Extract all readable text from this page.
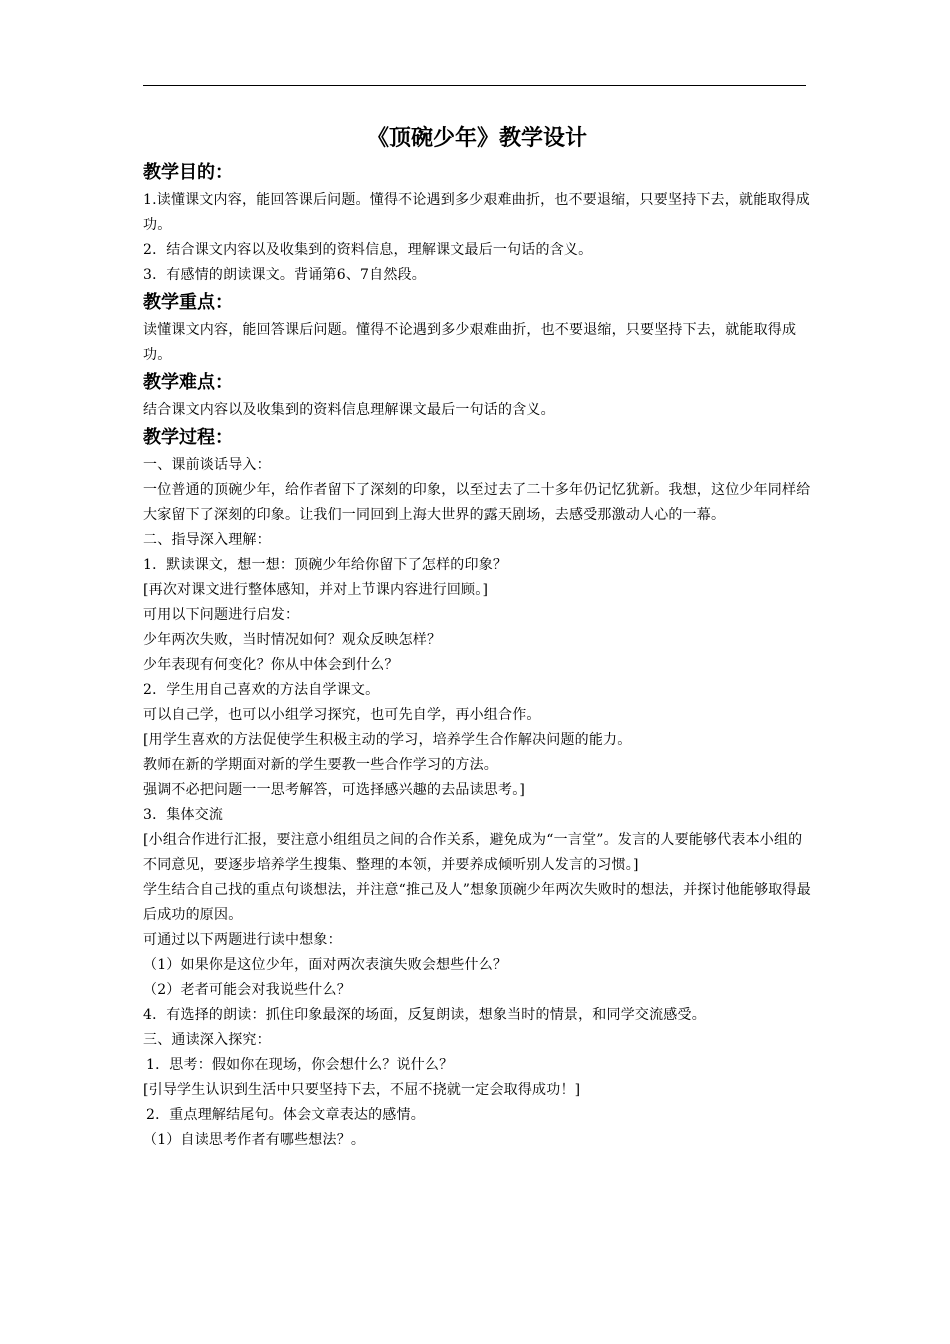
《顶碗少年》教学设计
教学目的：

1.读懂课文内容，能回答课后问题。懂得不论遇到多少艰难曲折，也不要退缩，只要坚持下去，就能取得成功。

2．结合课文内容以及收集到的资料信息，理解课文最后一句话的含义。

3．有感情的朗读课文。背诵第6、7自然段。

教学重点：

读懂课文内容，能回答课后问题。懂得不论遇到多少艰难曲折，也不要退缩，只要坚持下去，就能取得成功。

教学难点：

结合课文内容以及收集到的资料信息理解课文最后一句话的含义。

教学过程：

一、课前谈话导入：

一位普通的顶碗少年，给作者留下了深刻的印象，以至过去了二十多年仍记忆犹新。我想，这位少年同样给大家留下了深刻的印象。让我们一同回到上海大世界的露天剧场，去感受那激动人心的一幕。

二、指导深入理解：

1．默读课文，想一想：顶碗少年给你留下了怎样的印象？

[再次对课文进行整体感知，并对上节课内容进行回顾。]

可用以下问题进行启发：

少年两次失败，当时情况如何？观众反映怎样？

少年表现有何变化？你从中体会到什么？

2．学生用自己喜欢的方法自学课文。

可以自己学，也可以小组学习探究，也可先自学，再小组合作。

[用学生喜欢的方法促使学生积极主动的学习，培养学生合作解决问题的能力。

教师在新的学期面对新的学生要教一些合作学习的方法。

强调不必把问题一一思考解答，可选择感兴趣的去品读思考。]

3．集体交流

[小组合作进行汇报，要注意小组组员之间的合作关系，避免成为“一言堂”。发言的人要能够代表本小组的不同意见，要逐步培养学生搜集、整理的本领，并要养成倾听别人发言的习惯。]

学生结合自己找的重点句谈想法，并注意“推己及人”想象顶碗少年两次失败时的想法，并探讨他能够取得最后成功的原因。

可通过以下两题进行读中想象：

（1）如果你是这位少年，面对两次表演失败会想些什么？

（2）老者可能会对我说些什么？

4．有选择的朗读：抓住印象最深的场面，反复朗读，想象当时的情景，和同学交流感受。

三、通读深入探究：

1．思考：假如你在现场，你会想什么？说什么？

[引导学生认识到生活中只要坚持下去，不屈不挠就一定会取得成功！]

2．重点理解结尾句。体会文章表达的感情。

（1）自读思考作者有哪些想法？。
